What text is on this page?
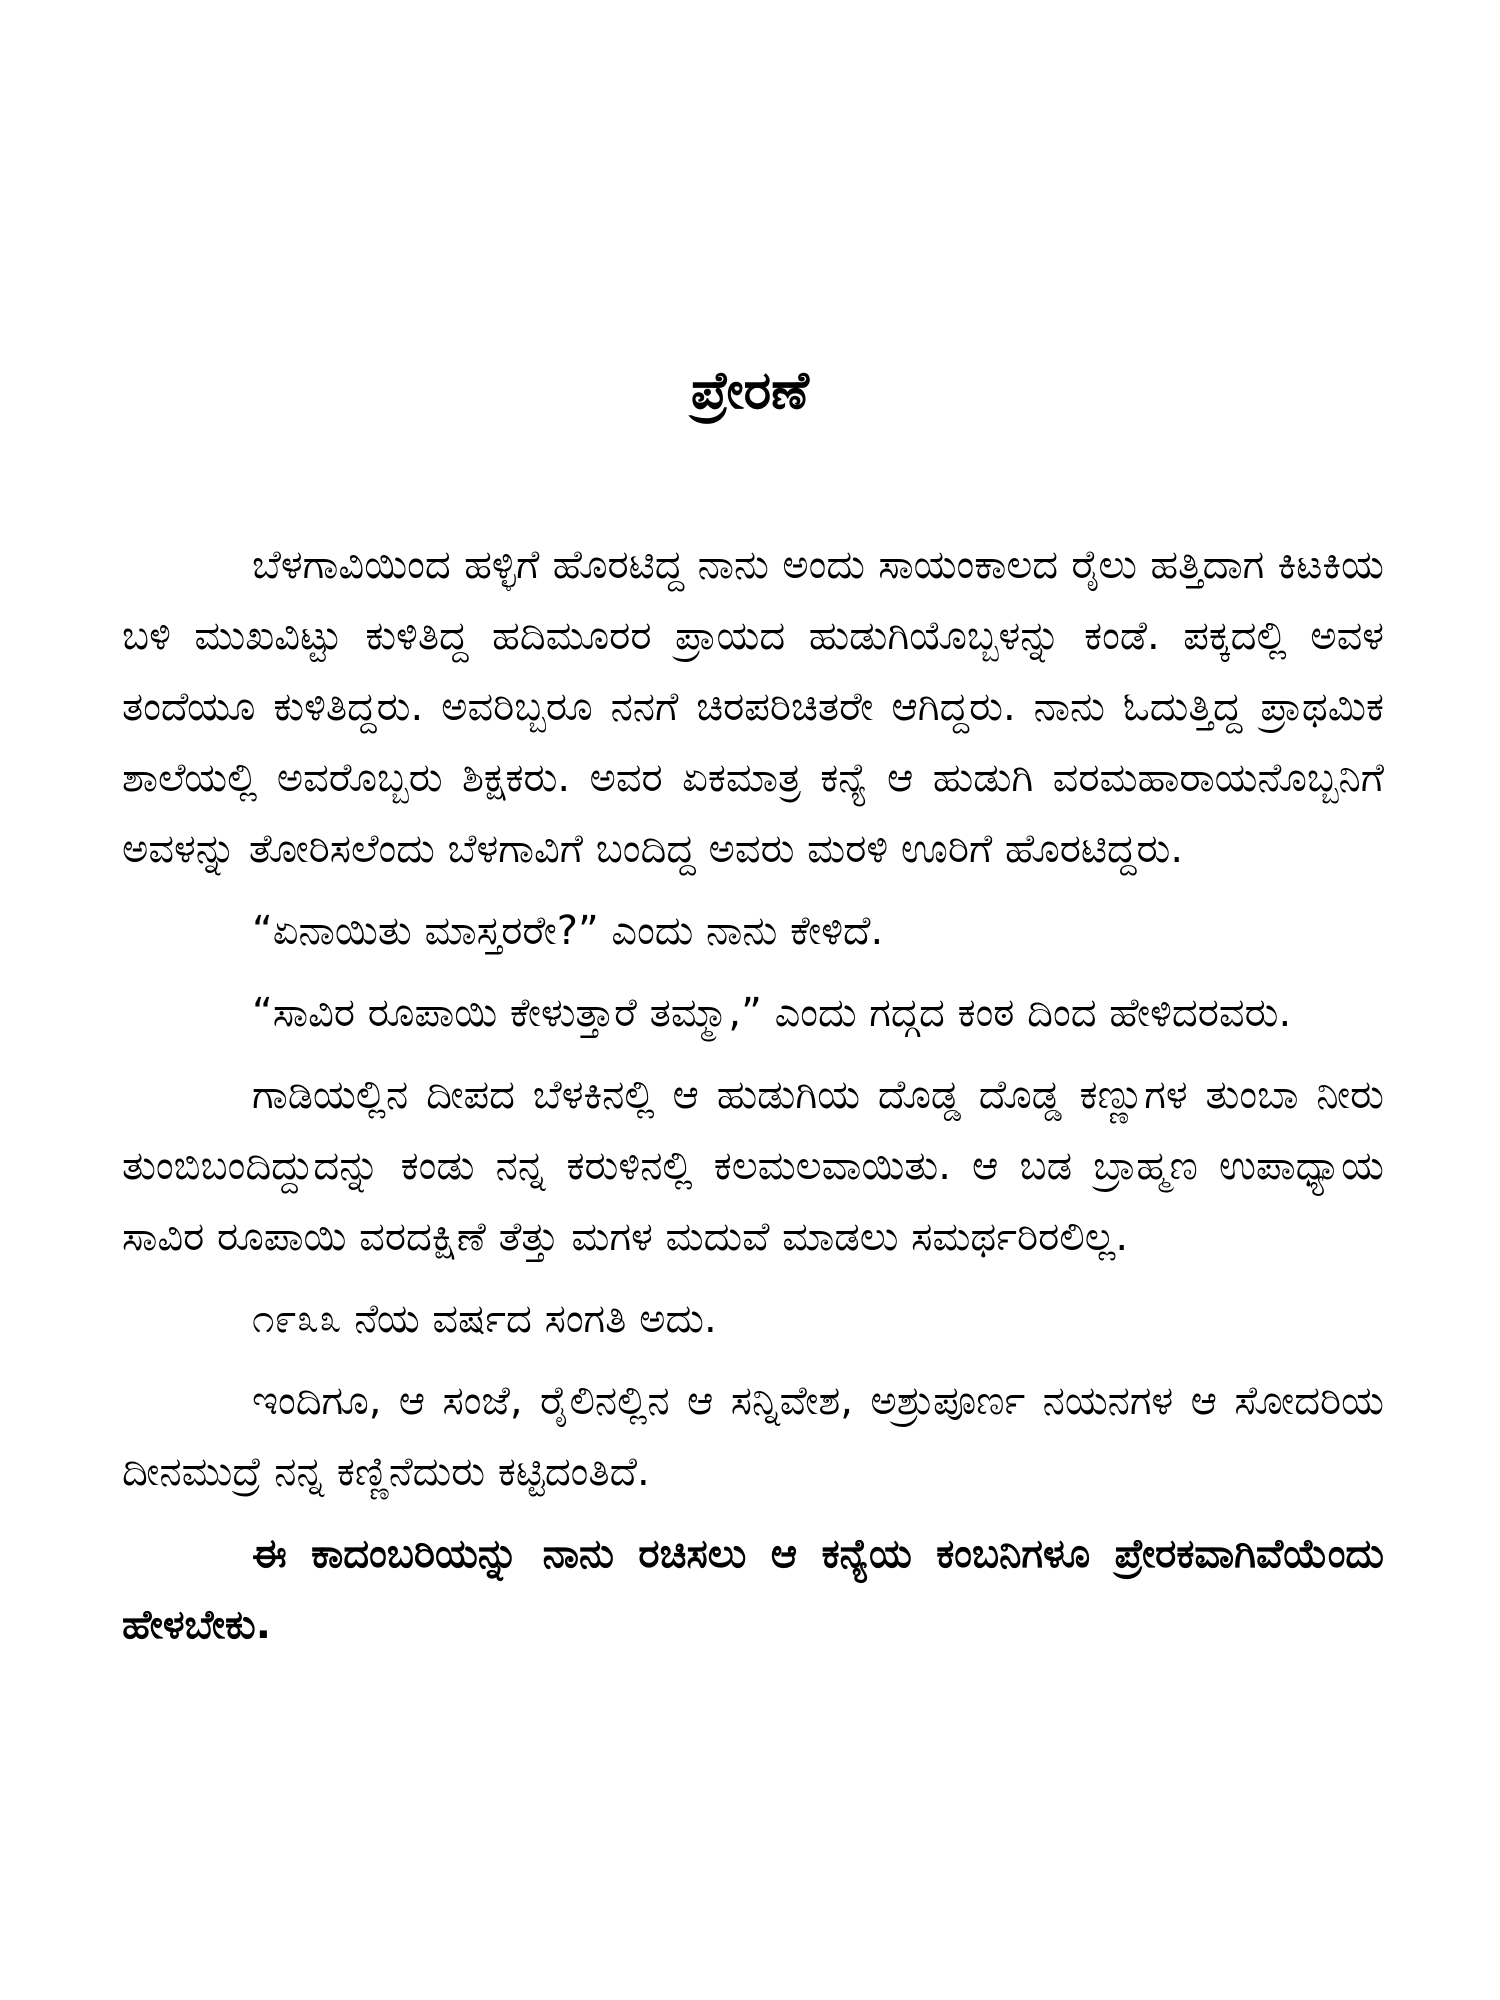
ಪ್ರೇರಣೆ

ಬೆಳಗಾವಿಯಿಂದ ಹಳ್ಳಿಗೆ ಹೊರಟಿದ್ದ ನಾನು ಅಂದು ಸಾಯಂಕಾಲದ ರೈಲು ಹತ್ತಿದಾಗ ಕಿಟಕಿಯ ಬಳಿ ಮುಖವಿಟ್ಟು ಕುಳಿತಿದ್ದ ಹದಿಮೂರರ ಪ್ರಾಯದ ಹುಡುಗಿಯೊಬ್ಬಳನ್ನು ಕಂಡೆ. ಪಕ್ಕದಲ್ಲಿ ಅವಳ ತಂದೆಯೂ ಕುಳಿತಿದ್ದರು. ಅವರಿಬ್ಬರೂ ನನಗೆ ಚಿರಪರಿಚಿತರೇ ಆಗಿದ್ದರು. ನಾನು ಓದುತ್ತಿದ್ದ ಪ್ರಾಥಮಿಕ ಶಾಲೆಯಲ್ಲಿ ಅವರೊಬ್ಬರು ಶಿಕ್ಷಕರು. ಅವರ ಏಕಮಾತ್ರ ಕನ್ಯೆ ಆ ಹುಡುಗಿ ವರಮಹಾರಾಯನೊಬ್ಬನಿಗೆ ಅವಳನ್ನು ತೋರಿಸಲೆಂದು ಬೆಳಗಾವಿಗೆ ಬಂದಿದ್ದ ಅವರು ಮರಳಿ ಊರಿಗೆ ಹೊರಟಿದ್ದರು.

“ಏನಾಯಿತು ಮಾಸ್ತರರೇ?” ಎಂದು ನಾನು ಕೇಳಿದೆ.

“ಸಾವಿರ ರೂಪಾಯಿ ಕೇಳುತ್ತಾರೆ ತಮ್ಮಾ,” ಎಂದು ಗದ್ಗದ ಕಂಠ ದಿಂದ ಹೇಳಿದರವರು.

ಗಾಡಿಯಲ್ಲಿನ ದೀಪದ ಬೆಳಕಿನಲ್ಲಿ ಆ ಹುಡುಗಿಯ ದೊಡ್ಡ ದೊಡ್ಡ ಕಣ್ಣುಗಳ ತುಂಬಾ ನೀರು ತುಂಬಿಬಂದಿದ್ದುದನ್ನು ಕಂಡು ನನ್ನ ಕರುಳಿನಲ್ಲಿ ಕಲಮಲವಾಯಿತು. ಆ ಬಡ ಬ್ರಾಹ್ಮಣ ಉಪಾಧ್ಯಾಯ ಸಾವಿರ ರೂಪಾಯಿ ವರದಕ್ಷಿಣೆ ತೆತ್ತು ಮಗಳ ಮದುವೆ ಮಾಡಲು ಸಮರ್ಥರಿರಲಿಲ್ಲ.

೧೯೩೩ ನೆಯ ವರ್ಷದ ಸಂಗತಿ ಅದು.

ಇಂದಿಗೂ, ಆ ಸಂಜೆ, ರೈಲಿನಲ್ಲಿನ ಆ ಸನ್ನಿವೇಶ, ಅಶ್ರುಪೂರ್ಣ ನಯನಗಳ ಆ ಸೋದರಿಯ ದೀನಮುದ್ರೆ ನನ್ನ ಕಣ್ಣಿನೆದುರು ಕಟ್ಟಿದಂತಿದೆ.

ಈ ಕಾದಂಬರಿಯನ್ನು ನಾನು ರಚಿಸಲು ಆ ಕನ್ಯೆಯ ಕಂಬನಿಗಳೂ ಪ್ರೇರಕವಾಗಿವೆಯೆಂದು ಹೇಳಬೇಕು.
